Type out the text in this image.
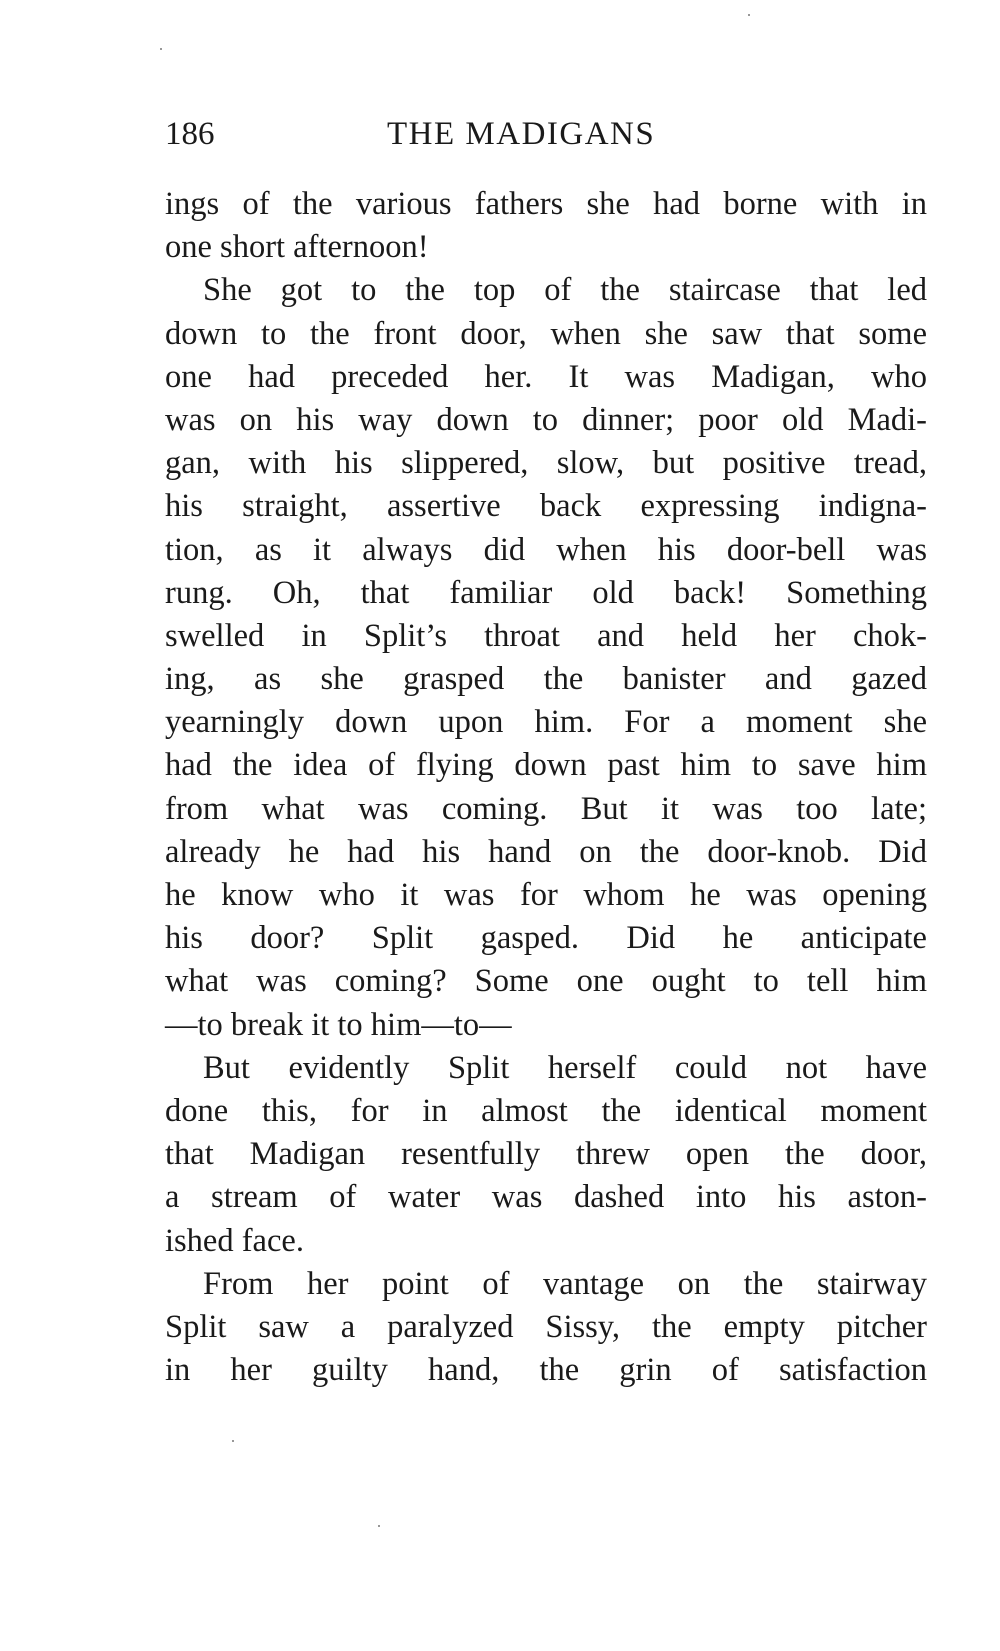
186	THE MADIGANS
ings of the various fathers she had borne with in
one short afternoon!
She got to the top of the staircase that led
down to the front door, when she saw that some
one had preceded her. It was Madigan, who
was on his way down to dinner; poor old Madi-
gan, with his slippered, slow, but positive tread,
his straight, assertive back expressing indigna-
tion, as it always did when his door-bell was
rung. Oh, that familiar old back! Something
swelled in Split’s throat and held her chok-
ing, as she grasped the banister and gazed
yearningly down upon him. For a moment she
had the idea of flying down past him to save him
from what was coming. But it was too late;
already he had his hand on the door-knob. Did
he know who it was for whom he was opening
his door? Split gasped. Did he anticipate
what was coming? Some one ought to tell him
—to break it to him—to—
But evidently Split herself could not have
done this, for in almost the identical moment
that Madigan resentfully threw open the door,
a stream of water was dashed into his aston-
ished face.
From her point of vantage on the stairway
Split saw a paralyzed Sissy, the empty pitcher
in her guilty hand, the grin of satisfaction
